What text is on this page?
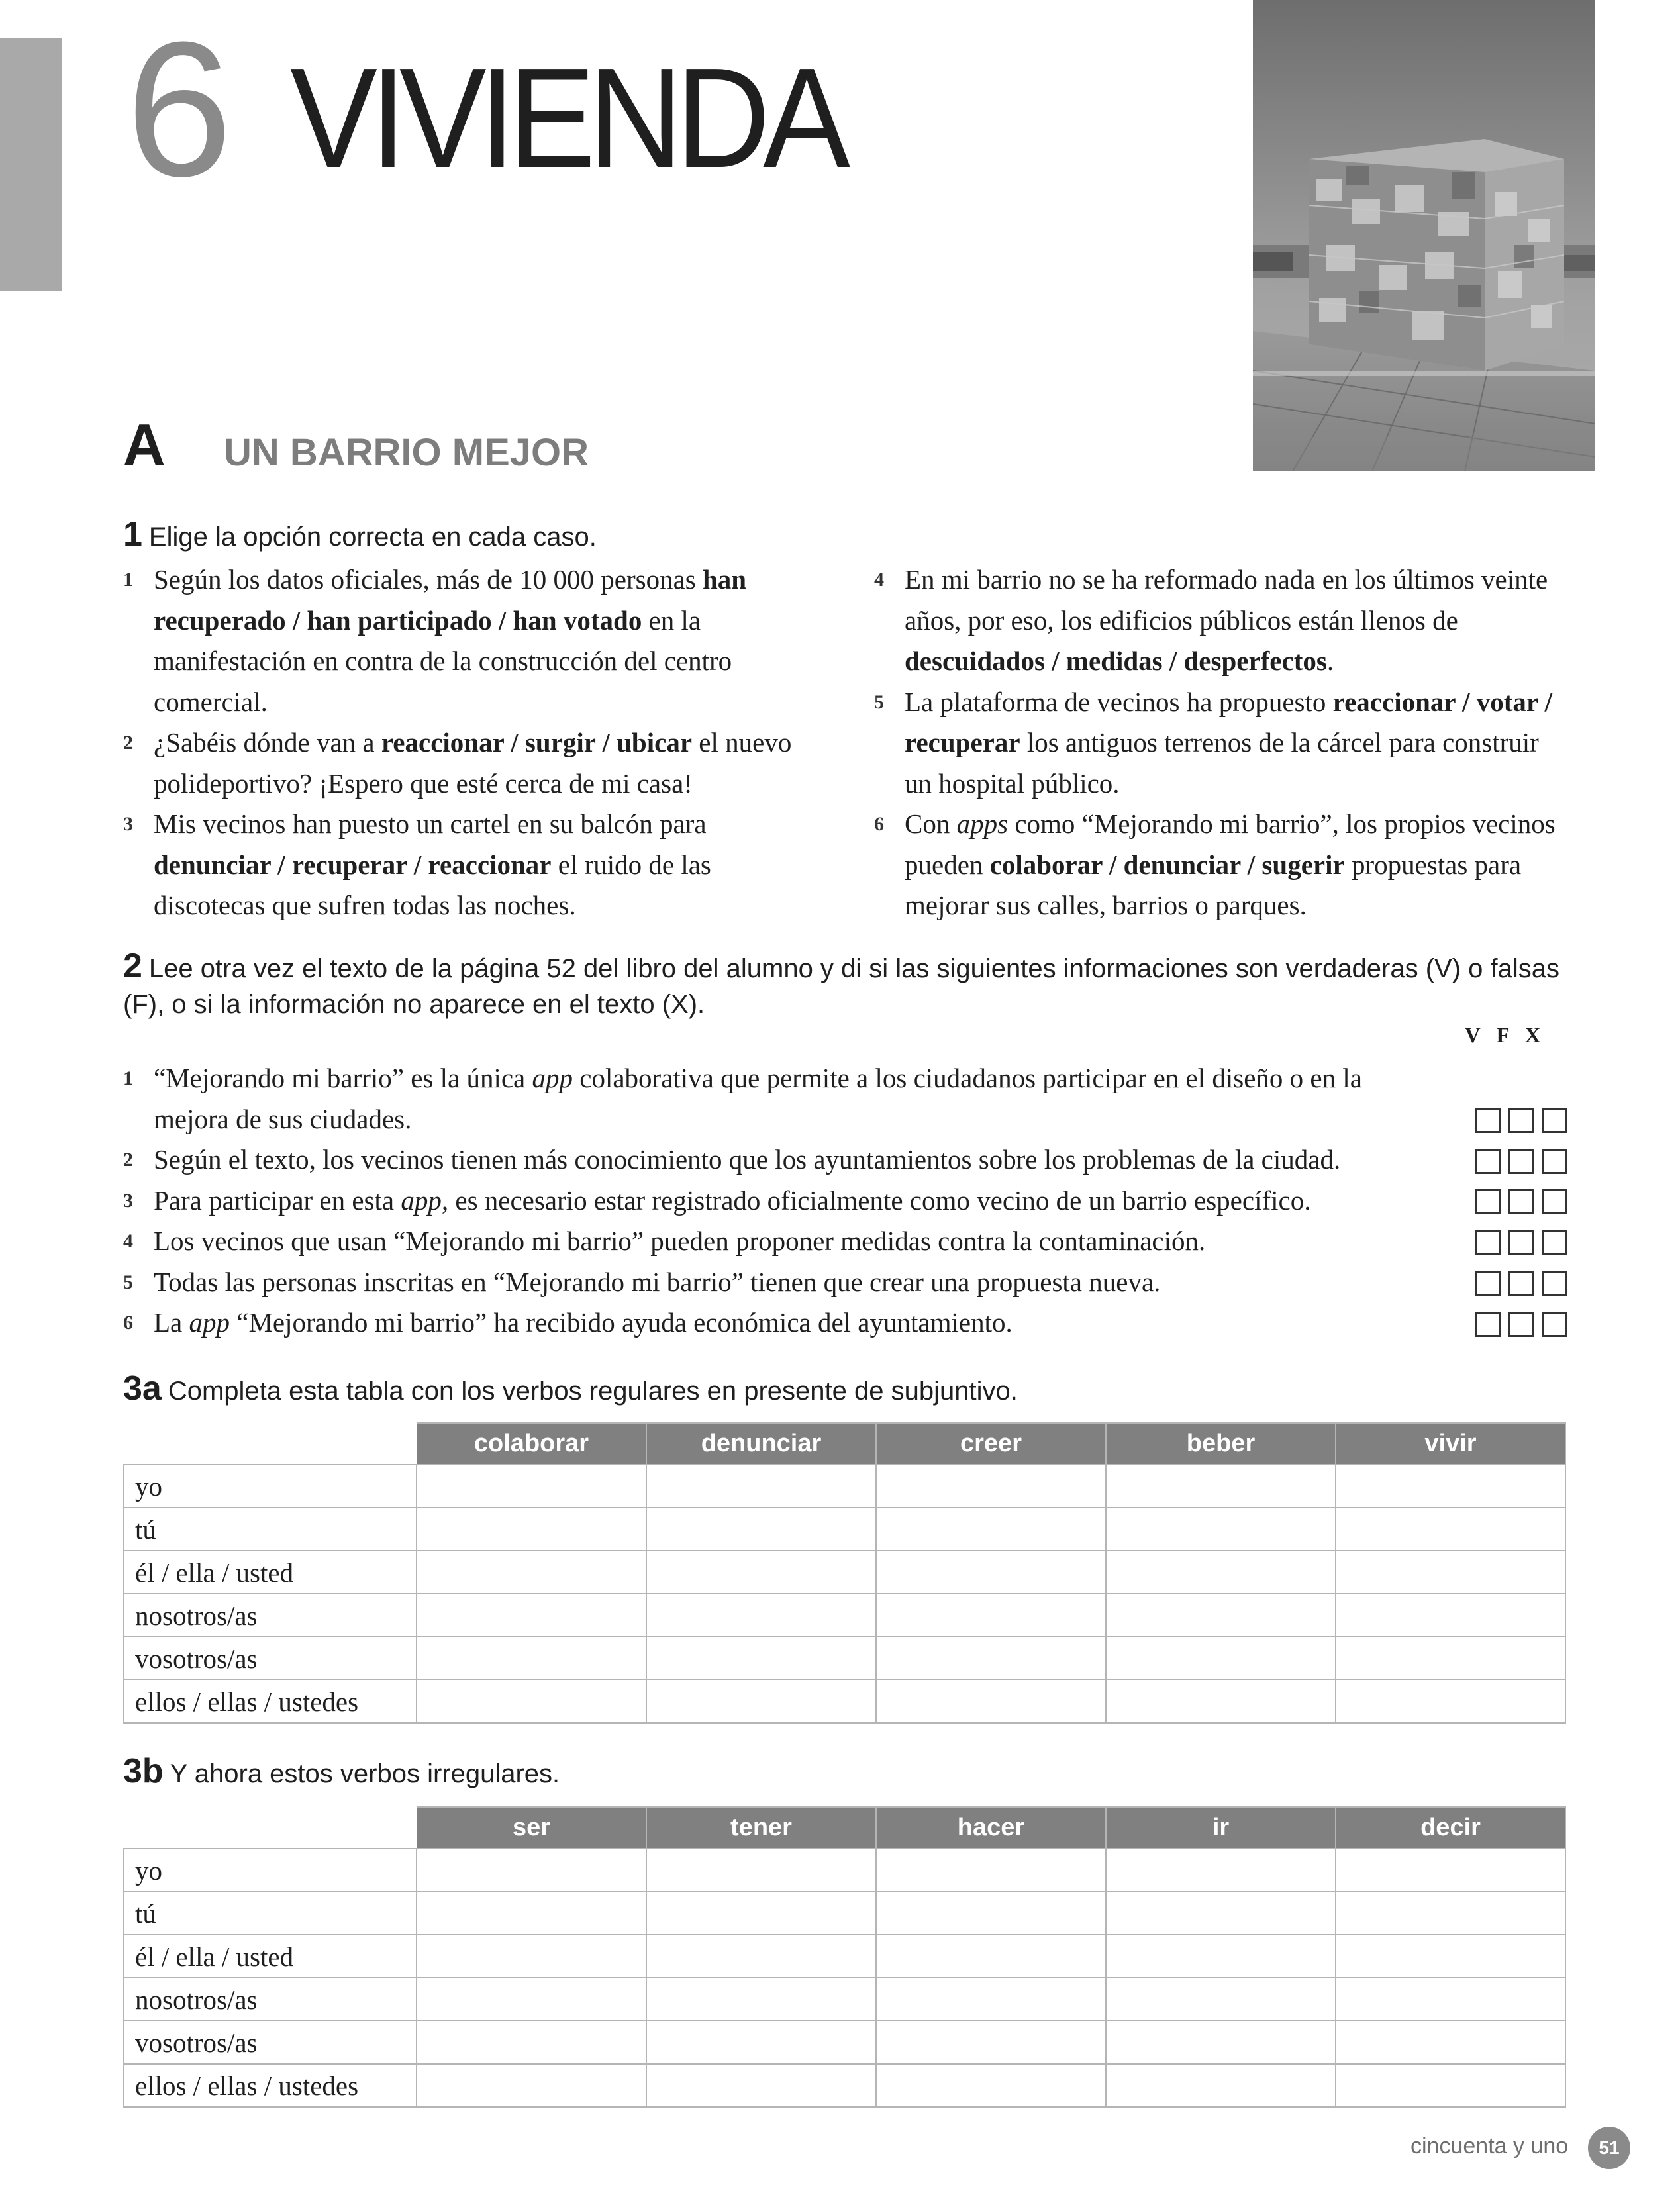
6 VIVIENDA
A UN BARRIO MEJOR
1 Elige la opción correcta en cada caso.
1 Según los datos oficiales, más de 10 000 personas han recuperado / han participado / han votado en la manifestación en contra de la construcción del centro comercial.
2 ¿Sabéis dónde van a reaccionar / surgir / ubicar el nuevo polideportivo? ¡Espero que esté cerca de mi casa!
3 Mis vecinos han puesto un cartel en su balcón para denunciar / recuperar / reaccionar el ruido de las discotecas que sufren todas las noches.
4 En mi barrio no se ha reformado nada en los últimos veinte años, por eso, los edificios públicos están llenos de descuidados / medidas / desperfectos.
5 La plataforma de vecinos ha propuesto reaccionar / votar / recuperar los antiguos terrenos de la cárcel para construir un hospital público.
6 Con apps como “Mejorando mi barrio”, los propios vecinos pueden colaborar / denunciar / sugerir propuestas para mejorar sus calles, barrios o parques.
2 Lee otra vez el texto de la página 52 del libro del alumno y di si las siguientes informaciones son verdaderas (V) o falsas (F), o si la información no aparece en el texto (X).
V F X
1 “Mejorando mi barrio” es la única app colaborativa que permite a los ciudadanos participar en el diseño o en la mejora de sus ciudades.
2 Según el texto, los vecinos tienen más conocimiento que los ayuntamientos sobre los problemas de la ciudad.
3 Para participar en esta app, es necesario estar registrado oficialmente como vecino de un barrio específico.
4 Los vecinos que usan “Mejorando mi barrio” pueden proponer medidas contra la contaminación.
5 Todas las personas inscritas en “Mejorando mi barrio” tienen que crear una propuesta nueva.
6 La app “Mejorando mi barrio” ha recibido ayuda económica del ayuntamiento.
3a Completa esta tabla con los verbos regulares en presente de subjuntivo.
	colaborar	denunciar	creer	beber	vivir
yo					
tú					
él / ella / usted					
nosotros/as					
vosotros/as					
ellos / ellas / ustedes					
3b Y ahora estos verbos irregulares.
	ser	tener	hacer	ir	decir
yo					
tú					
él / ella / usted					
nosotros/as					
vosotros/as					
ellos / ellas / ustedes					
cincuenta y uno	51
